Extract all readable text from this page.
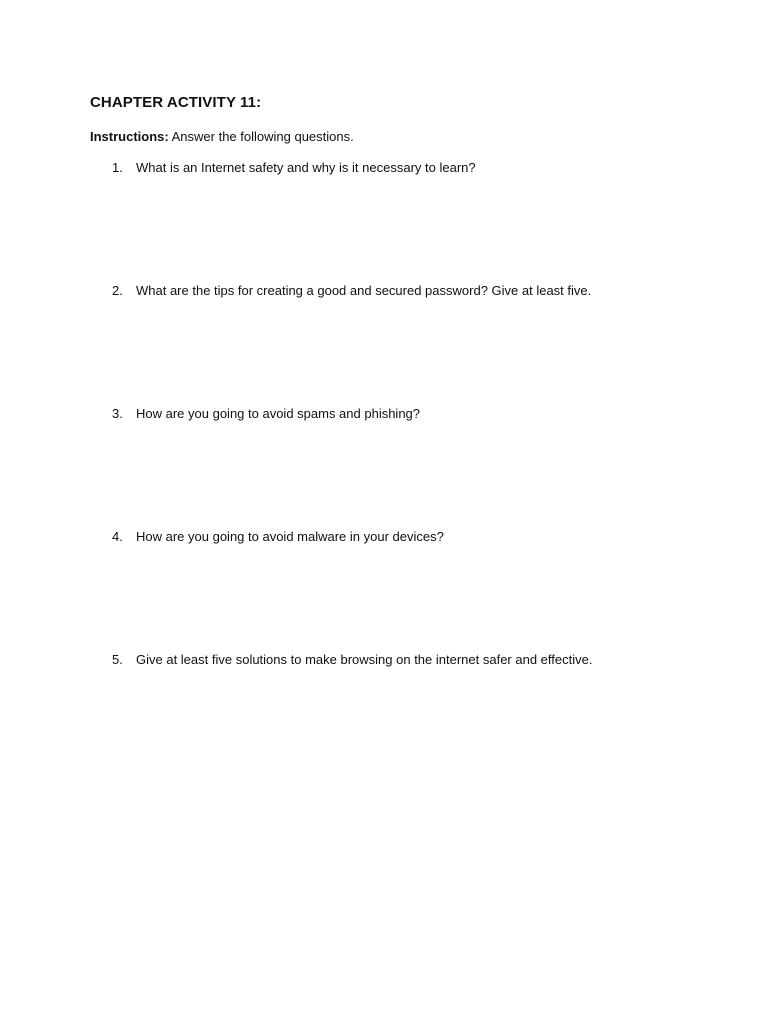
CHAPTER ACTIVITY 11:
Instructions: Answer the following questions.
1. What is an Internet safety and why is it necessary to learn?
2. What are the tips for creating a good and secured password? Give at least five.
3. How are you going to avoid spams and phishing?
4. How are you going to avoid malware in your devices?
5. Give at least five solutions to make browsing on the internet safer and effective.
